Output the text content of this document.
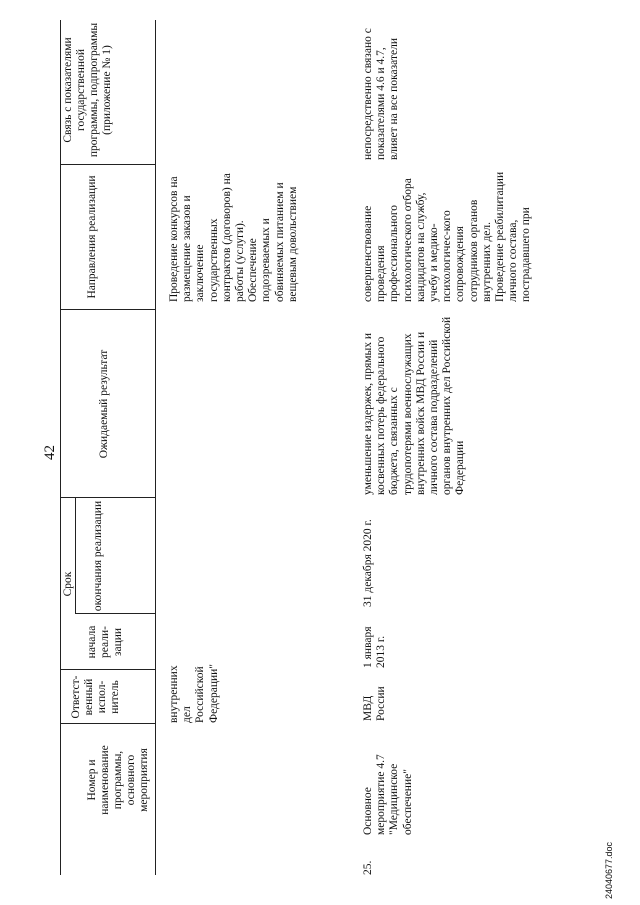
42
Номер и наименование программы, основного мероприятия
Ответст-венный испол-нитель
Срок
начала реали-зации
окончания реализации
Ожидаемый результат
Направления реализации
Связь с показателями государственной программы, подпрограммы (приложение № 1)
внутренних дел Российской Федерации"
Проведение конкурсов на размещение заказов и заключение государственных контрактов (договоров) на работы (услуги). Обеспечение подозреваемых и обвиняемых питанием и вещевым довольствием
25.
Основное мероприятие 4.7 "Медицинское обеспечение"
МВД России
1 января 2013 г.
31 декабря 2020 г.
уменьшение издержек, прямых и косвенных потерь федерального бюджета, связанных с трудопотерями военнослужащих внутренних войск МВД России и личного состава подразделений органов внутренних дел Российской Федерации
совершенствование проведения профессионального психологического отбора кандидатов на службу, учебу и медико-психологичес-кого сопровождения сотрудников органов внутренних дел. Проведение реабилитации личного состава, пострадавшего при
непосредственно связано с показателями 4.6 и 4.7, влияет на все показатели
24040677.doc
